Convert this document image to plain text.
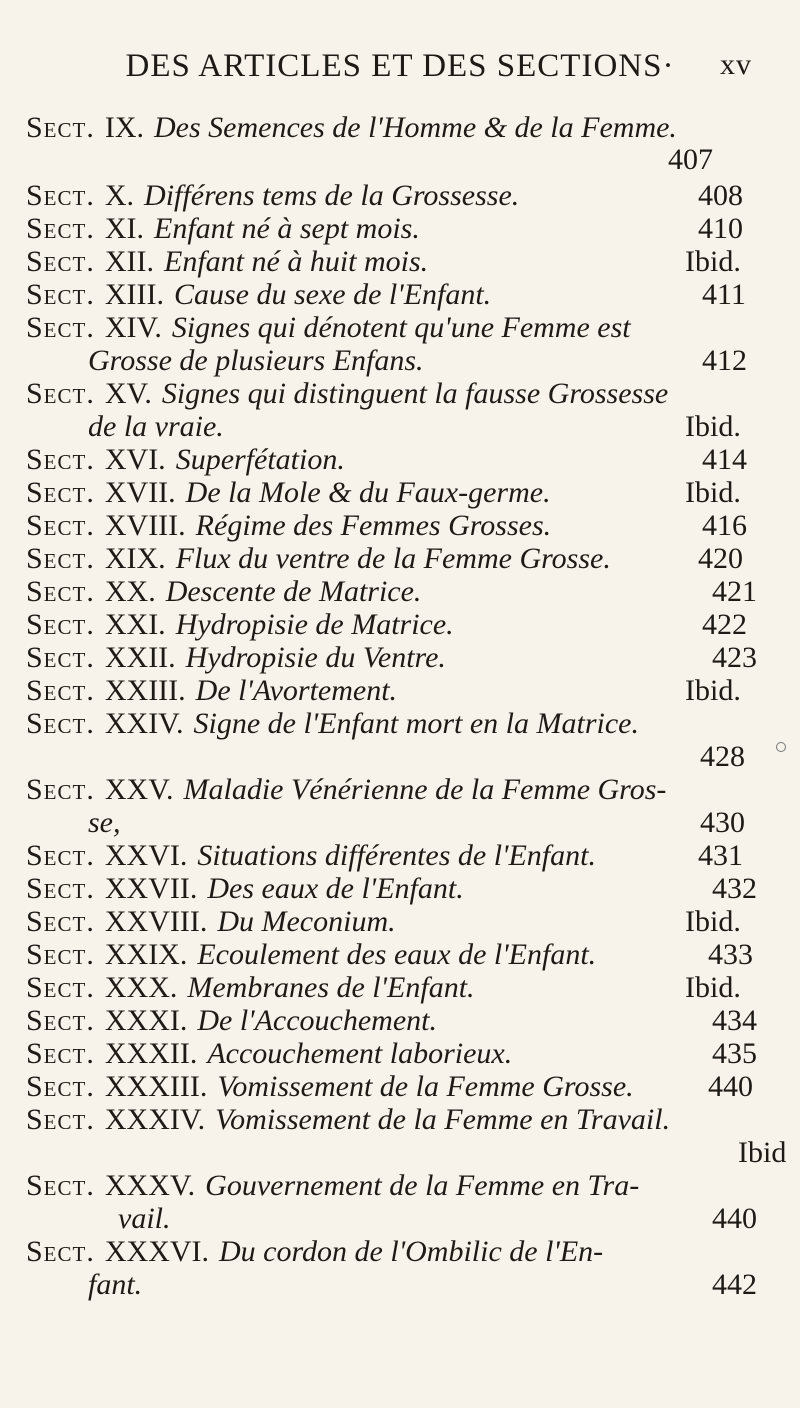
DES ARTICLES ET DES SECTIONS· xv
Sect. IX. Des Semences de l'Homme & de la Femme.
407
Sect. X. Différens tems de la Grossesse.	408
Sect. XI. Enfant né à sept mois.	410
Sect. XII. Enfant né à huit mois.	Ibid.
Sect. XIII. Cause du sexe de l'Enfant.	411
Sect. XIV. Signes qui dénotent qu'une Femme est
Grosse de plusieurs Enfans.	412
Sect. XV. Signes qui distinguent la fausse Grossesse
de la vraie.	Ibid.
Sect. XVI. Superfétation.	414
Sect. XVII. De la Mole & du Faux-germe.	Ibid.
Sect. XVIII. Régime des Femmes Grosses.	416
Sect. XIX. Flux du ventre de la Femme Grosse.	420
Sect. XX. Descente de Matrice.	421
Sect. XXI. Hydropisie de Matrice.	422
Sect. XXII. Hydropisie du Ventre.	423
Sect. XXIII. De l'Avortement.	Ibid.
Sect. XXIV. Signe de l'Enfant mort en la Matrice.
428
Sect. XXV. Maladie Vénérienne de la Femme Gros-
se,	430
Sect. XXVI. Situations différentes de l'Enfant.	431
Sect. XXVII. Des eaux de l'Enfant.	432
Sect. XXVIII. Du Meconium.	Ibid.
Sect. XXIX. Ecoulement des eaux de l'Enfant.	433
Sect. XXX. Membranes de l'Enfant.	Ibid.
Sect. XXXI. De l'Accouchement.	434
Sect. XXXII. Accouchement laborieux.	435
Sect. XXXIII. Vomissement de la Femme Grosse. 440
Sect. XXXIV. Vomissement de la Femme en Travail.
Ibid
Sect. XXXV. Gouvernement de la Femme en Tra-
vail.	440
Sect. XXXVI. Du cordon de l'Ombilic de l'En-
fant.	442
